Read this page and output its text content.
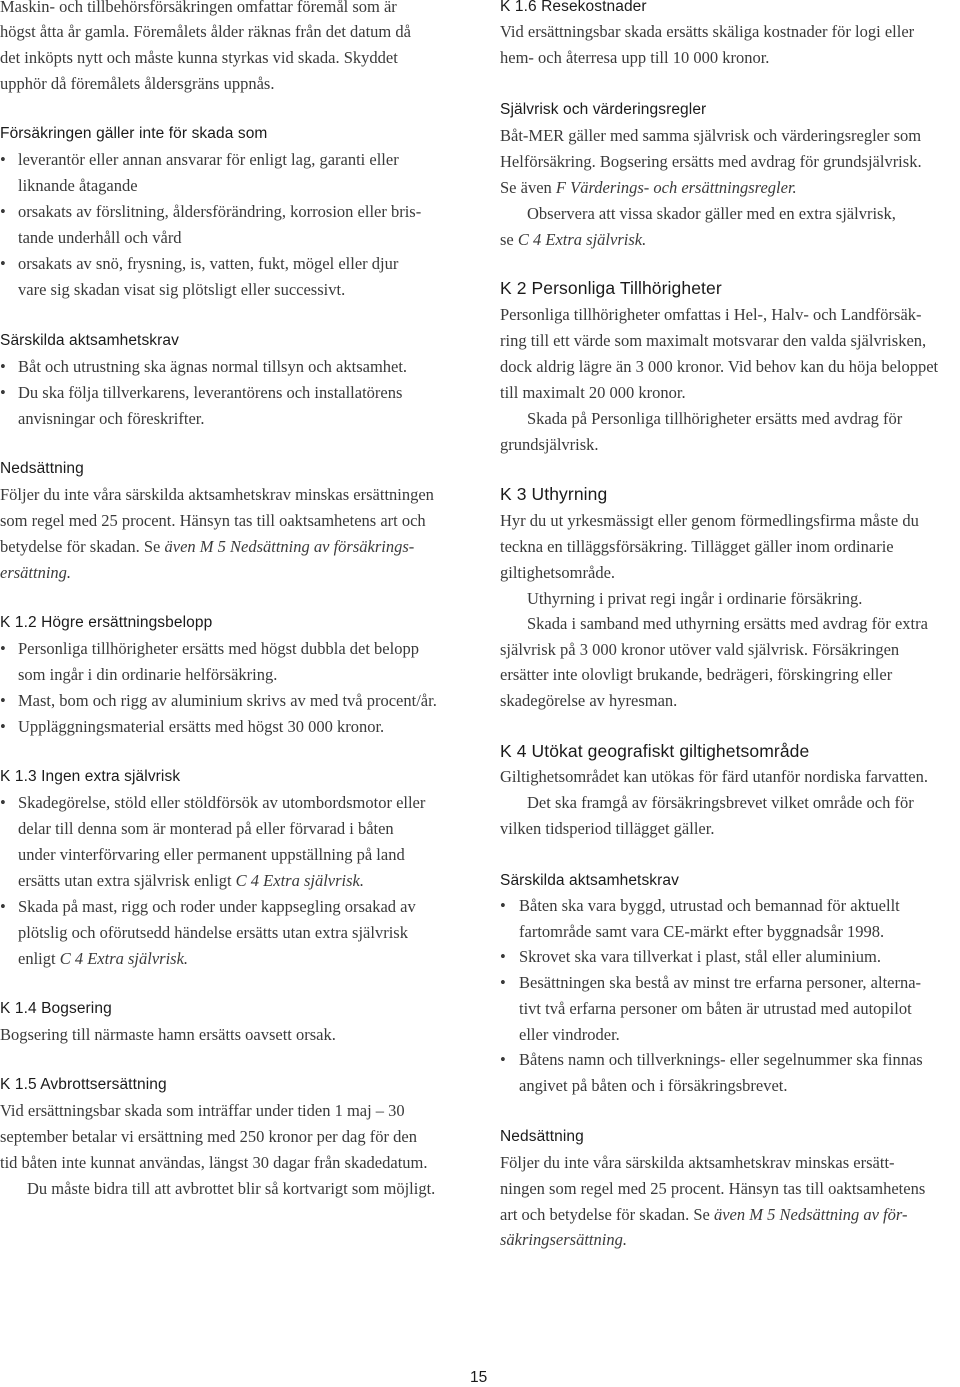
Maskin- och tillbehörsförsäkringen omfattar föremål som är
högst åtta år gamla. Föremålets ålder räknas från det datum då
det inköpts nytt och måste kunna styrkas vid skada. Skyddet
upphör då föremålets åldersgräns uppnås.
Försäkringen gäller inte för skada som
• leverantör eller annan ansvarar för enligt lag, garanti eller
liknande åtagande
• orsakats av förslitning, åldersförändring, korrosion eller bris-
tande underhåll och vård
• orsakats av snö, frysning, is, vatten, fukt, mögel eller djur
vare sig skadan visat sig plötsligt eller successivt.
Särskilda aktsamhetskrav
• Båt och utrustning ska ägnas normal tillsyn och aktsamhet.
• Du ska följa tillverkarens, leverantörens och installatörens
anvisningar och föreskrifter.
Nedsättning
Följer du inte våra särskilda aktsamhetskrav minskas ersättningen
som regel med 25 procent. Hänsyn tas till oaktsamhetens art och
betydelse för skadan. Se även M 5 Nedsättning av försäkrings-
ersättning.
K 1.2 Högre ersättningsbelopp
• Personliga tillhörigheter ersätts med högst dubbla det belopp
som ingår i din ordinarie helförsäkring.
• Mast, bom och rigg av aluminium skrivs av med två procent/år.
• Uppläggningsmaterial ersätts med högst 30 000 kronor.
K 1.3 Ingen extra självrisk
• Skadegörelse, stöld eller stöldförsök av utombordsmotor eller
delar till denna som är monterad på eller förvarad i båten
under vinterförvaring eller permanent uppställning på land
ersätts utan extra självrisk enligt C 4 Extra självrisk.
• Skada på mast, rigg och roder under kappsegling orsakad av
plötslig och oförutsedd händelse ersätts utan extra självrisk
enligt C 4 Extra självrisk.
K 1.4 Bogsering
Bogsering till närmaste hamn ersätts oavsett orsak.
K 1.5 Avbrottsersättning
Vid ersättningsbar skada som inträffar under tiden 1 maj – 30
september betalar vi ersättning med 250 kronor per dag för den
tid båten inte kunnat användas, längst 30 dagar från skadedatum.
Du måste bidra till att avbrottet blir så kortvarigt som möjligt.
K 1.6 Resekostnader
Vid ersättningsbar skada ersätts skäliga kostnader för logi eller
hem- och återresa upp till 10 000 kronor.
Självrisk och värderingsregler
Båt-MER gäller med samma självrisk och värderingsregler som
Helförsäkring. Bogsering ersätts med avdrag för grundsjälvrisk.
Se även F Värderings- och ersättningsregler.
Observera att vissa skador gäller med en extra självrisk,
se C 4 Extra självrisk.
K 2 Personliga Tillhörigheter
Personliga tillhörigheter omfattas i Hel-, Halv- och Landförsäk-
ring till ett värde som maximalt motsvarar den valda självrisken,
dock aldrig lägre än 3 000 kronor. Vid behov kan du höja beloppet
till maximalt 20 000 kronor.
Skada på Personliga tillhörigheter ersätts med avdrag för
grundsjälvrisk.
K 3 Uthyrning
Hyr du ut yrkesmässigt eller genom förmedlingsfirma måste du
teckna en tilläggsförsäkring. Tillägget gäller inom ordinarie
giltighetsområde.
Uthyrning i privat regi ingår i ordinarie försäkring.
Skada i samband med uthyrning ersätts med avdrag för extra
självrisk på 3 000 kronor utöver vald självrisk. Försäkringen
ersätter inte olovligt brukande, bedrägeri, förskingring eller
skadegörelse av hyresman.
K 4 Utökat geografiskt giltighetsområde
Giltighetsområdet kan utökas för färd utanför nordiska farvatten.
Det ska framgå av försäkringsbrevet vilket område och för
vilken tidsperiod tillägget gäller.
Särskilda aktsamhetskrav
• Båten ska vara byggd, utrustad och bemannad för aktuellt
fartområde samt vara CE-märkt efter byggnadsår 1998.
• Skrovet ska vara tillverkat i plast, stål eller aluminium.
• Besättningen ska bestå av minst tre erfarna personer, alterna-
tivt två erfarna personer om båten är utrustad med autopilot
eller vindroder.
• Båtens namn och tillverknings- eller segelnummer ska finnas
angivet på båten och i försäkringsbrevet.
Nedsättning
Följer du inte våra särskilda aktsamhetskrav minskas ersätt-
ningen som regel med 25 procent. Hänsyn tas till oaktsamhetens
art och betydelse för skadan. Se även M 5 Nedsättning av för-
säkringsersättning.
15
